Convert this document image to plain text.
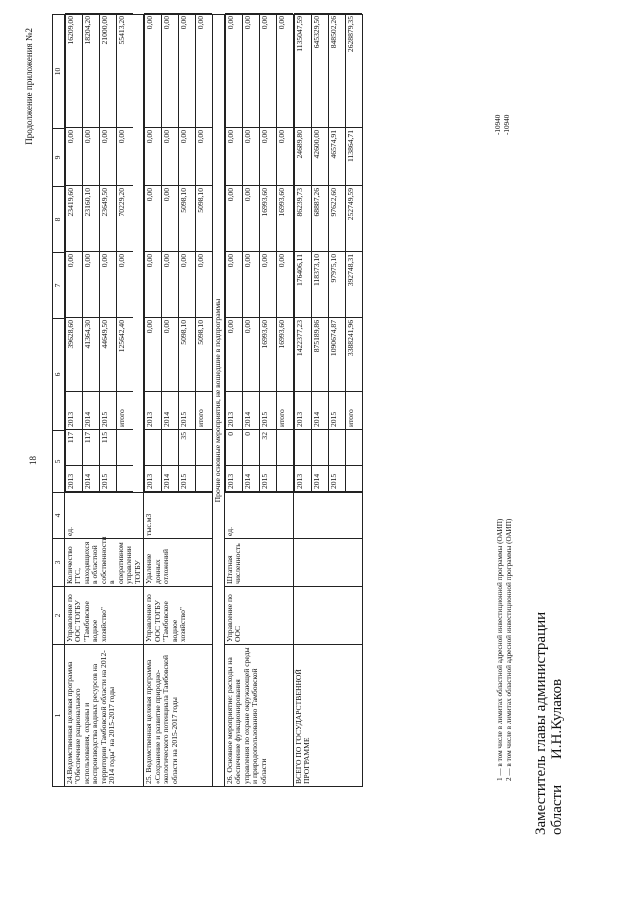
Продолжение приложения №2
18
1	2	3	4	5	6	7	8	9	10
24.Ведомственная целевая программа "Обеспечение рационального использования, охраны и воспроизводства водных ресурсов на территории Тамбовской области на 2012-2014 годы" на 2015-2017 годы	Управление по ООС ТОГБУ "Тамбовское водное хозяйство"	Количество ГТС, находящихся в областной собственности в оперативном управлении ТОГБУ	ед.	
2013	117	2013	39628,60	0,00	23419,60	0,00	16209,00
2014	117	2014	41364,30	0,00	23160,10	0,00	18204,20
2015	115	2015	44649,50	0,00	23649,50	0,00	21000,00
		итого	125642,40	0,00	70229,20	0,00	55413,20

25. Ведомственная целевая программа «Сохранение и развитие природно-экологического потенциала Тамбовской области на 2015-2017 годы	Управление по ООС ТОГБУ "Тамбовское водное хозяйство"	Удаление донных отложений	тыс.м3	
2013		2013	0,00	0,00	0,00	0,00	0,00
2014		2014	0,00	0,00	0,00	0,00	0,00
2015	35	2015	5098,10	0,00	5098,10	0,00	0,00
		итого	5098,10	0,00	5098,10	0,00	0,00

Прочие основные мероприятия, не вошедшие в подпрограммы
26. Основное мероприятие: расходы на обеспечение функционирования управления по охране окружающей среды и природопользованию Тамбовской области	Управление по ООС	Штатная численность	ед.	
2013	0	2013	0,00	0,00	0,00	0,00	0,00
2014	0	2014	0,00	0,00	0,00	0,00	0,00
2015	32	2015	16993,60	0,00	16993,60	0,00	0,00
		итого	16993,60	0,00	16993,60	0,00	0,00

ВСЕГО ПО ГОСУДАРСТВЕННОЙ ПРОГРАММЕ				
2013		2013	1422377,23	176406,11	86239,73	24689,80	1135047,59
2014		2014	875189,86	118373,10	68887,26	42600,00	645329,50
2015		2015	1090674,87	97975,10	97622,60	46574,91	848502,26
		итого	3388241,96	392748,31	252749,59	113864,71	2628879,35
-10940 -10940
1 — в том числе в лимитах областной адресной инвестиционной программы (ОАИП) 2 — в том числе в лимитах областной адресной инвестиционной программы (ОАИП) Заместитель главы администрации области И.Н.Кулаков
